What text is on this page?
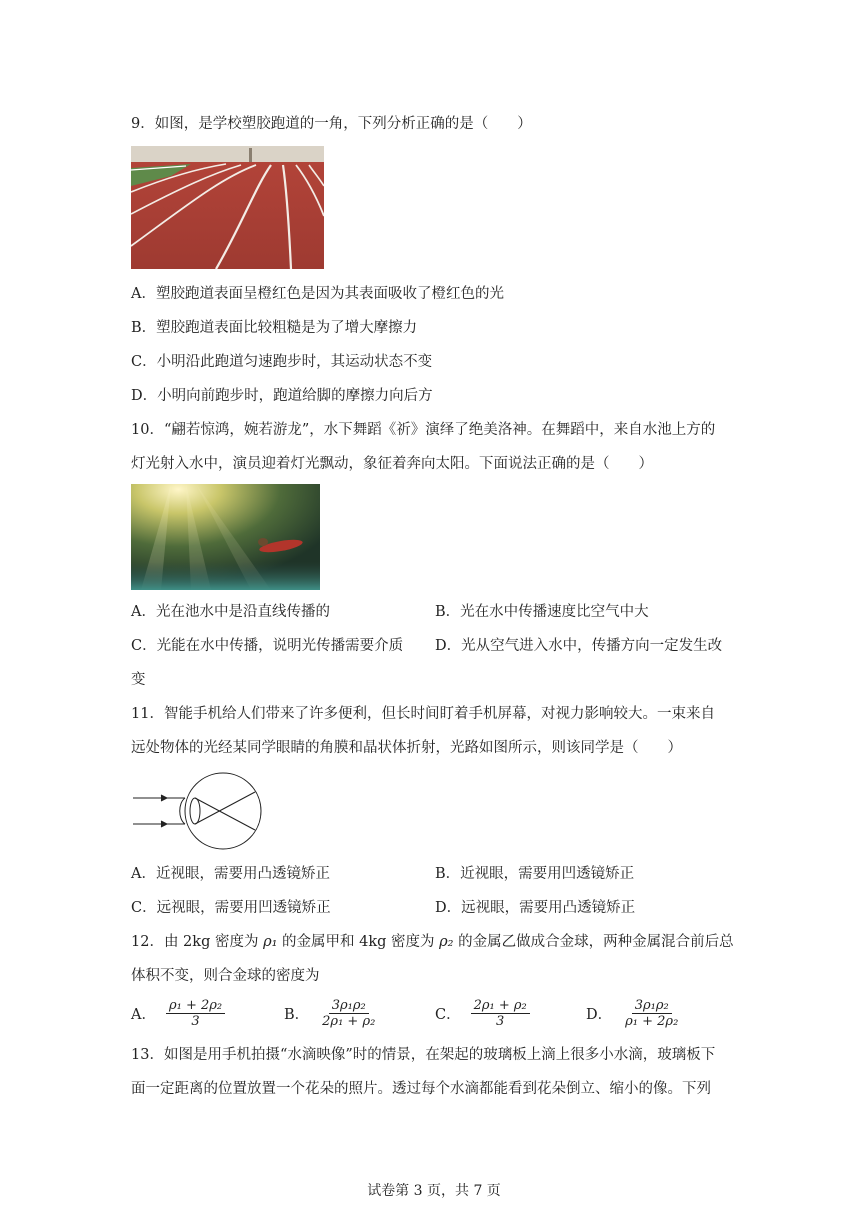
9．如图，是学校塑胶跑道的一角，下列分析正确的是（　　）
A．塑胶跑道表面呈橙红色是因为其表面吸收了橙红色的光
B．塑胶跑道表面比较粗糙是为了增大摩擦力
C．小明沿此跑道匀速跑步时，其运动状态不变
D．小明向前跑步时，跑道给脚的摩擦力向后方
10．“翩若惊鸿，婉若游龙”，水下舞蹈《祈》演绎了绝美洛神。在舞蹈中，来自水池上方的
灯光射入水中，演员迎着灯光飘动，象征着奔向太阳。下面说法正确的是（　　）
A．光在池水中是沿直线传播的	B．光在水中传播速度比空气中大
C．光能在水中传播，说明光传播需要介质 D．光从空气进入水中，传播方向一定发生改
变
11．智能手机给人们带来了许多便利，但长时间盯着手机屏幕，对视力影响较大。一束来自
远处物体的光经某同学眼睛的角膜和晶状体折射，光路如图所示，则该同学是（　　）
A．近视眼，需要用凸透镜矫正	B．近视眼，需要用凹透镜矫正
C．远视眼，需要用凹透镜矫正	D．远视眼，需要用凸透镜矫正
12．由 2kg 密度为 ρ₁ 的金属甲和 4kg 密度为 ρ₂ 的金属乙做成合金球，两种金属混合前后总
体积不变，则合金球的密度为
A． $\frac{\text{ρ₁ + 2ρ₂}}{3}$	B． $\frac{\text{3ρ₁ρ₂}}{\text{2ρ₁ + ρ₂}}$	C． $\frac{\text{2ρ₁ + ρ₂}}{3}$	D． $\frac{\text{3ρ₁ρ₂}}{\text{ρ₁ + 2ρ₂}}$
13．如图是用手机拍摄“水滴映像”时的情景，在架起的玻璃板上滴上很多小水滴，玻璃板下
面一定距离的位置放置一个花朵的照片。透过每个水滴都能看到花朵倒立、缩小的像。下列
试卷第 3 页，共 7 页
